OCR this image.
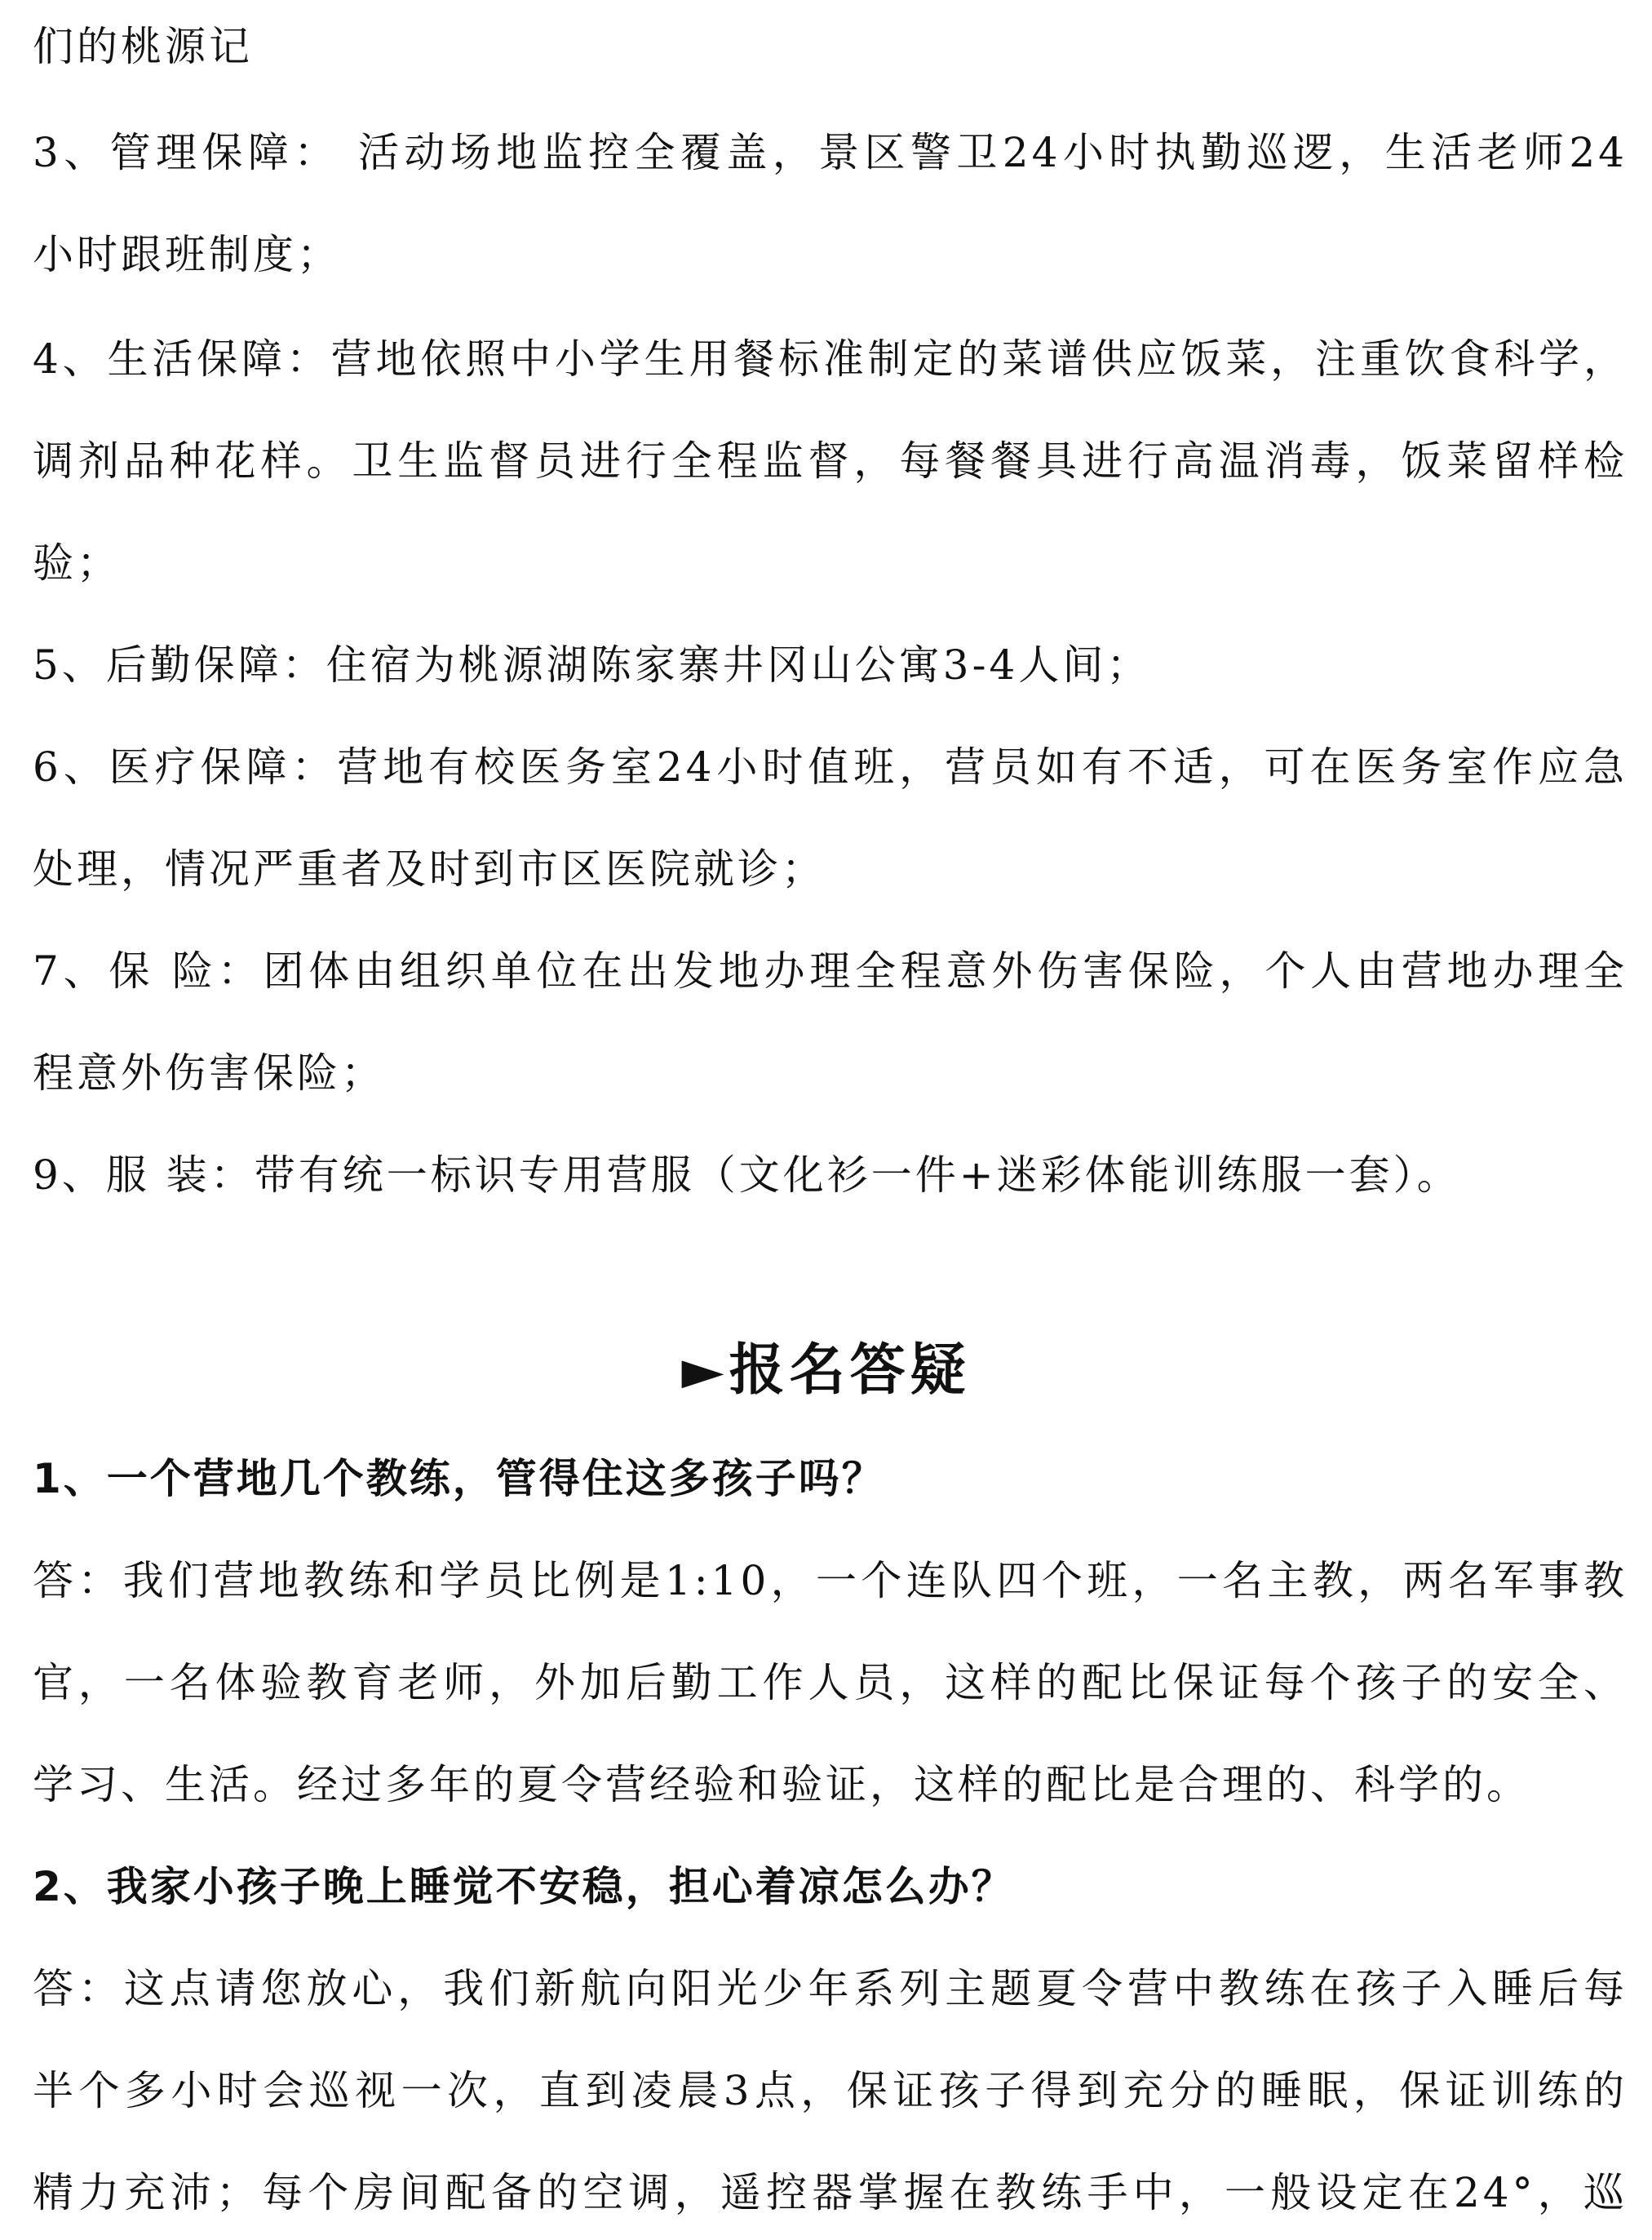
们的桃源记
3、管理保障： 活动场地监控全覆盖，景区警卫24小时执勤巡逻，生活老师24
小时跟班制度；
4、生活保障：营地依照中小学生用餐标准制定的菜谱供应饭菜，注重饮食科学，
调剂品种花样。卫生监督员进行全程监督，每餐餐具进行高温消毒，饭菜留样检
验；
5、后勤保障：住宿为桃源湖陈家寨井冈山公寓3-4人间；
6、医疗保障：营地有校医务室24小时值班，营员如有不适，可在医务室作应急
处理，情况严重者及时到市区医院就诊；
7、保 险：团体由组织单位在出发地办理全程意外伤害保险，个人由营地办理全
程意外伤害保险；
9、服 装：带有统一标识专用营服（文化衫一件+迷彩体能训练服一套）。
►报名答疑
1、一个营地几个教练，管得住这多孩子吗？
答：我们营地教练和学员比例是1:10，一个连队四个班，一名主教，两名军事教
官，一名体验教育老师，外加后勤工作人员，这样的配比保证每个孩子的安全、
学习、生活。经过多年的夏令营经验和验证，这样的配比是合理的、科学的。
2、我家小孩子晚上睡觉不安稳，担心着凉怎么办？
答：这点请您放心，我们新航向阳光少年系列主题夏令营中教练在孩子入睡后每
半个多小时会巡视一次，直到凌晨3点，保证孩子得到充分的睡眠，保证训练的
精力充沛；每个房间配备的空调，遥控器掌握在教练手中，一般设定在24°，巡
